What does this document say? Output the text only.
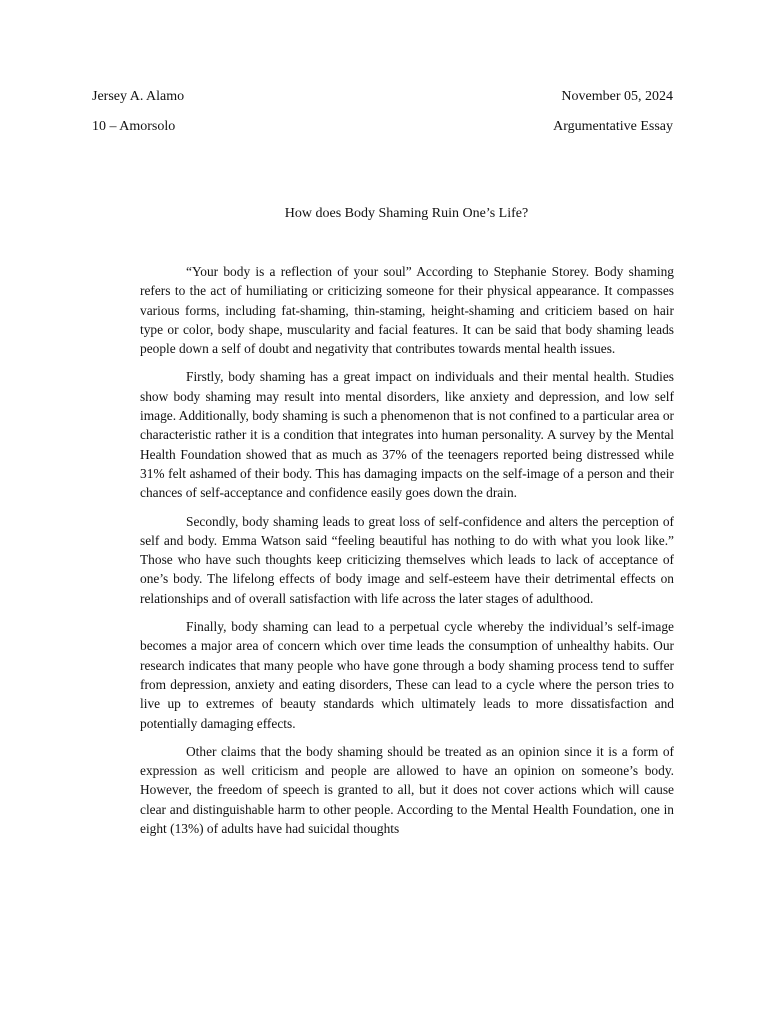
Jersey A. Alamo	November 05, 2024
10 – Amorsolo	Argumentative Essay
How does Body Shaming Ruin One’s Life?

“Your body is a reflection of your soul” According to Stephanie Storey. Body shaming refers to the act of humiliating or criticizing someone for their physical appearance. It compasses various forms, including fat-shaming, thin-staming, height-shaming and criticiem based on hair type or color, body shape, muscularity and facial features. It can be said that body shaming leads people down a self of doubt and negativity that contributes towards mental health issues.

Firstly, body shaming has a great impact on individuals and their mental health. Studies show body shaming may result into mental disorders, like anxiety and depression, and low self image. Additionally, body shaming is such a phenomenon that is not confined to a particular area or characteristic rather it is a condition that integrates into human personality. A survey by the Mental Health Foundation showed that as much as 37% of the teenagers reported being distressed while 31% felt ashamed of their body. This has damaging impacts on the self-image of a person and their chances of self-acceptance and confidence easily goes down the drain.

Secondly, body shaming leads to great loss of self-confidence and alters the perception of self and body. Emma Watson said “feeling beautiful has nothing to do with what you look like.” Those who have such thoughts keep criticizing themselves which leads to lack of acceptance of one’s body. The lifelong effects of body image and self-esteem have their detrimental effects on relationships and of overall satisfaction with life across the later stages of adulthood.

Finally, body shaming can lead to a perpetual cycle whereby the individual’s self-image becomes a major area of concern which over time leads the consumption of unhealthy habits. Our research indicates that many people who have gone through a body shaming process tend to suffer from depression, anxiety and eating disorders, These can lead to a cycle where the person tries to live up to extremes of beauty standards which ultimately leads to more dissatisfaction and potentially damaging effects.

Other claims that the body shaming should be treated as an opinion since it is a form of expression as well criticism and people are allowed to have an opinion on someone’s body. However, the freedom of speech is granted to all, but it does not cover actions which will cause clear and distinguishable harm to other people. According to the Mental Health Foundation, one in eight (13%) of adults have had suicidal thoughts
